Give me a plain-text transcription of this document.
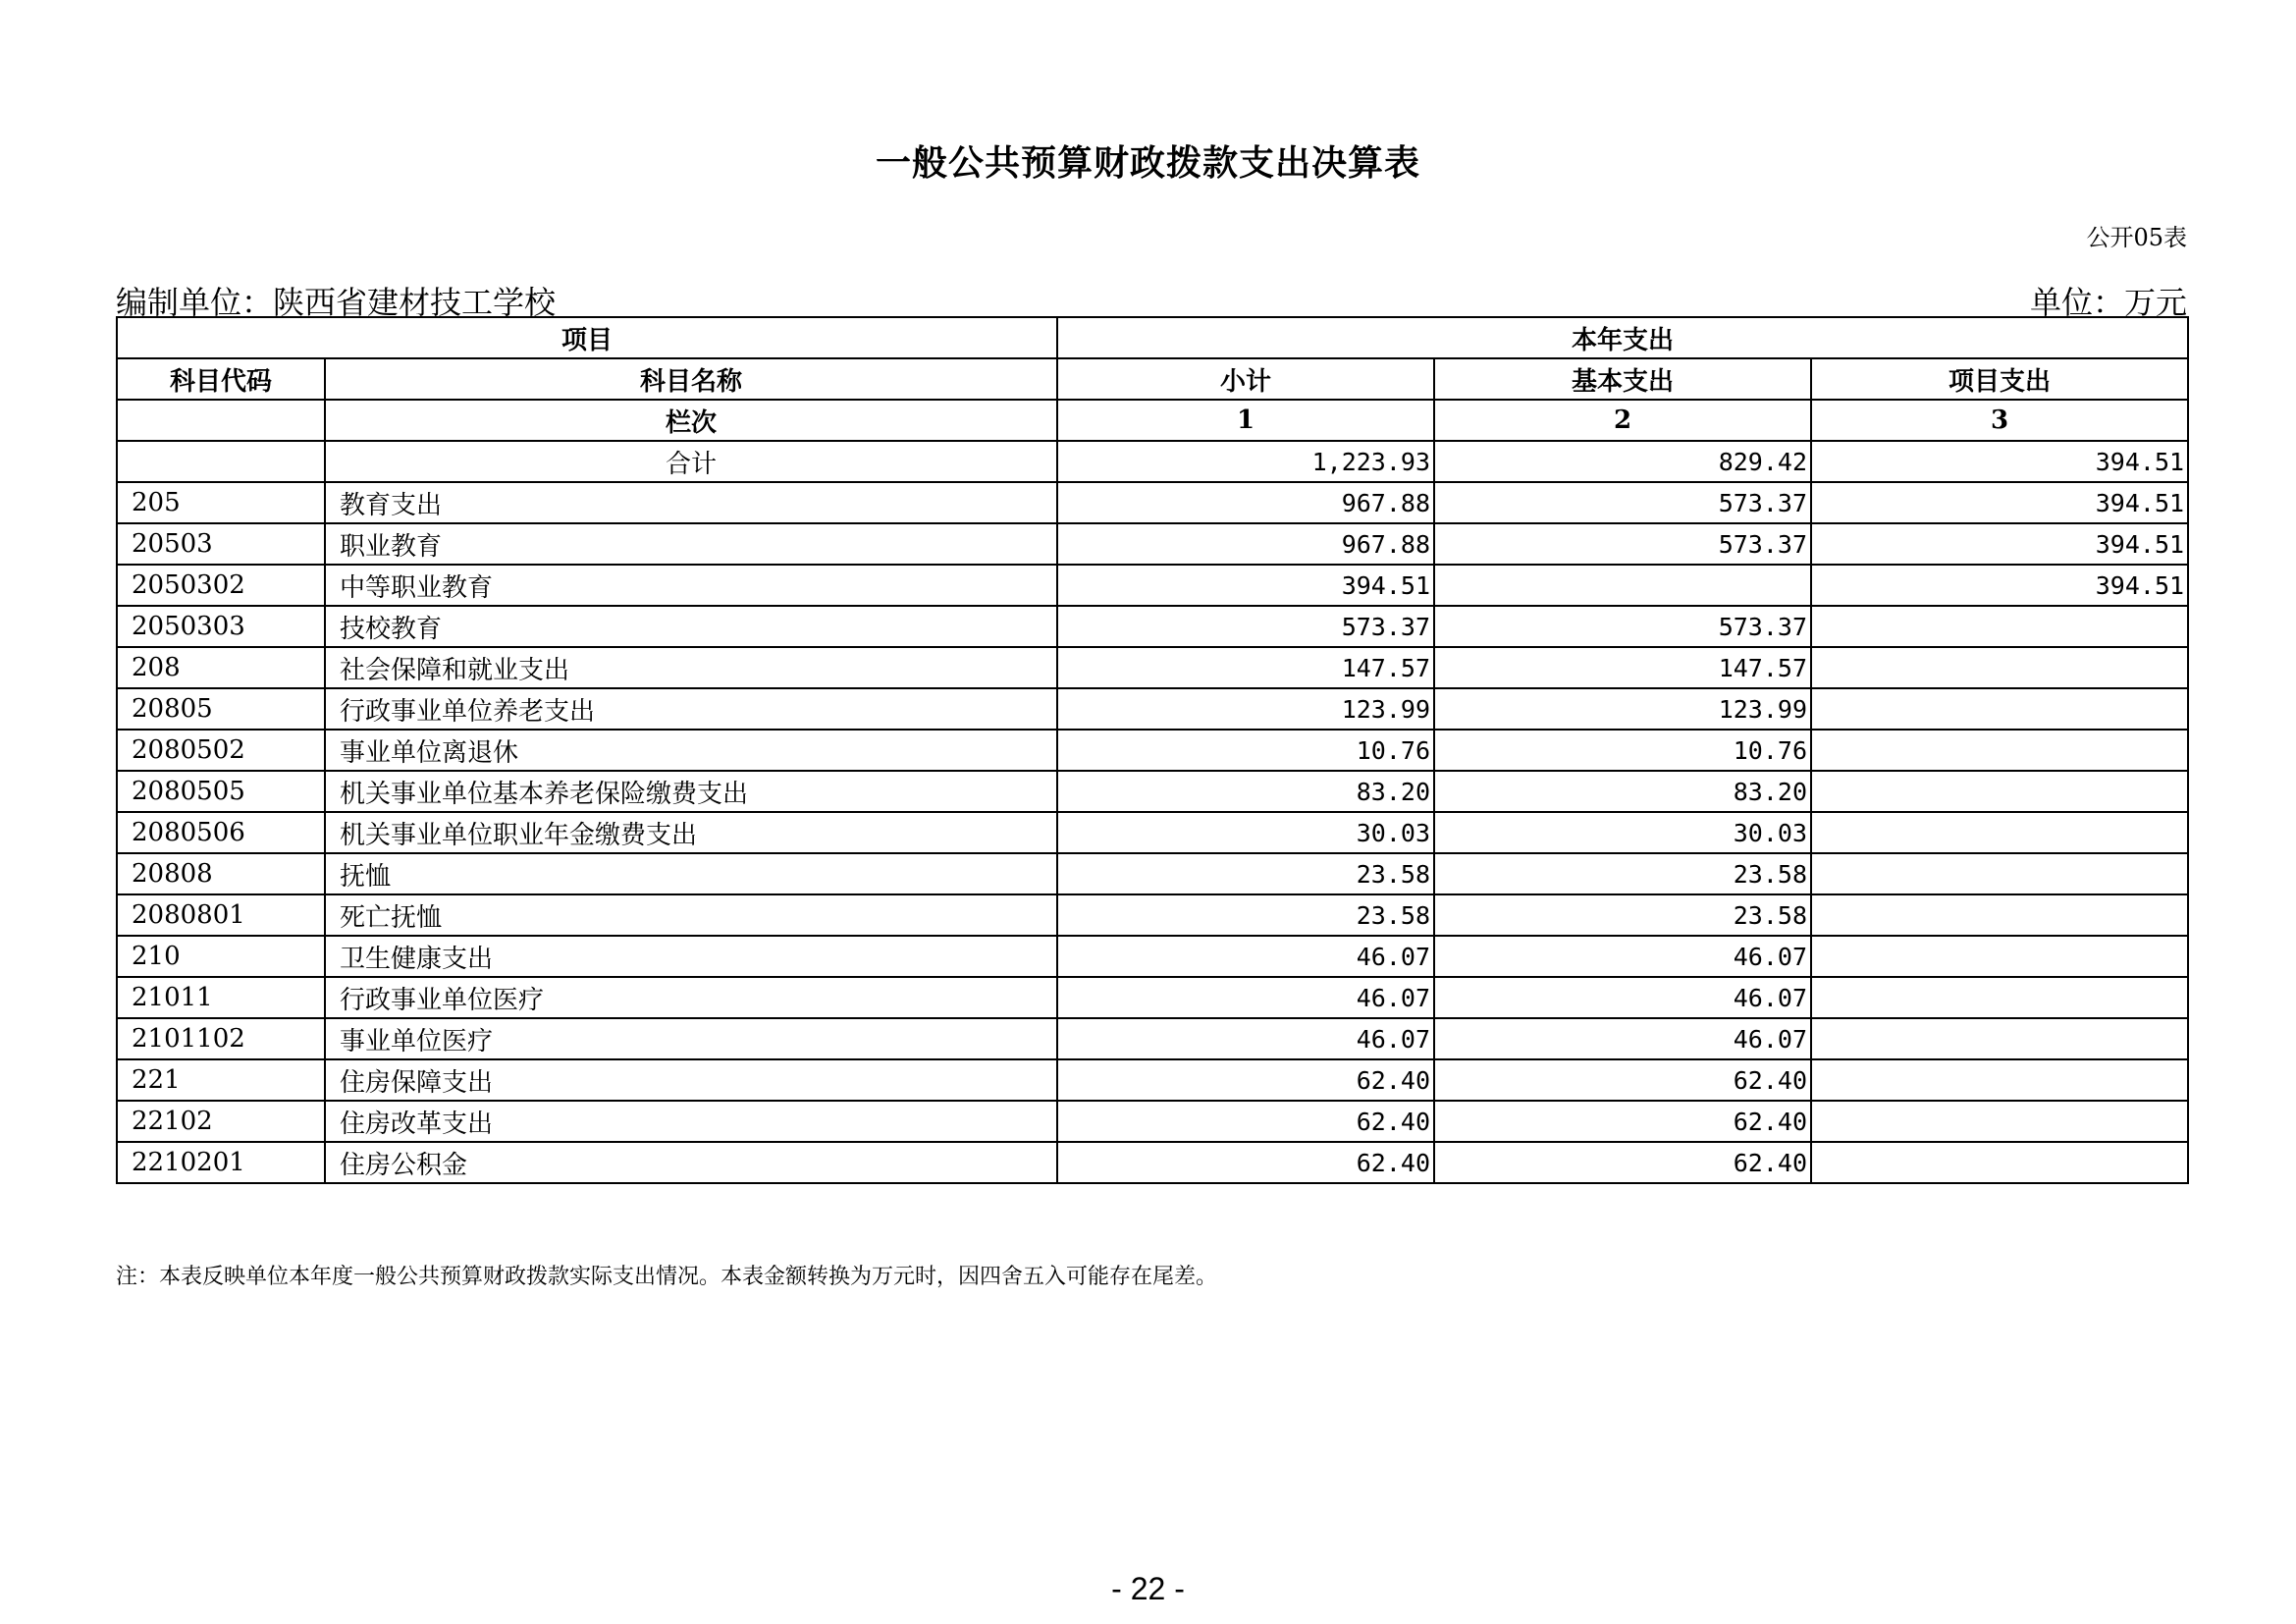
一般公共预算财政拨款支出决算表
公开05表
编制单位：陕西省建材技工学校	单位：万元
项目		本年支出		
科目代码	科目名称	小计	基本支出	项目支出
	栏次	1	2	3
	合计	1,223.93	829.42	394.51
205	教育支出	967.88	573.37	394.51
20503	职业教育	967.88	573.37	394.51
2050302	中等职业教育	394.51		394.51
2050303	技校教育	573.37	573.37	
208	社会保障和就业支出	147.57	147.57	
20805	行政事业单位养老支出	123.99	123.99	
2080502	事业单位离退休	10.76	10.76	
2080505	机关事业单位基本养老保险缴费支出	83.20	83.20	
2080506	机关事业单位职业年金缴费支出	30.03	30.03	
20808	抚恤	23.58	23.58	
2080801	死亡抚恤	23.58	23.58	
210	卫生健康支出	46.07	46.07	
21011	行政事业单位医疗	46.07	46.07	
2101102	事业单位医疗	46.07	46.07	
221	住房保障支出	62.40	62.40	
22102	住房改革支出	62.40	62.40	
2210201	住房公积金	62.40	62.40	
注：本表反映单位本年度一般公共预算财政拨款实际支出情况。本表金额转换为万元时，因四舍五入可能存在尾差。
- 22 -
